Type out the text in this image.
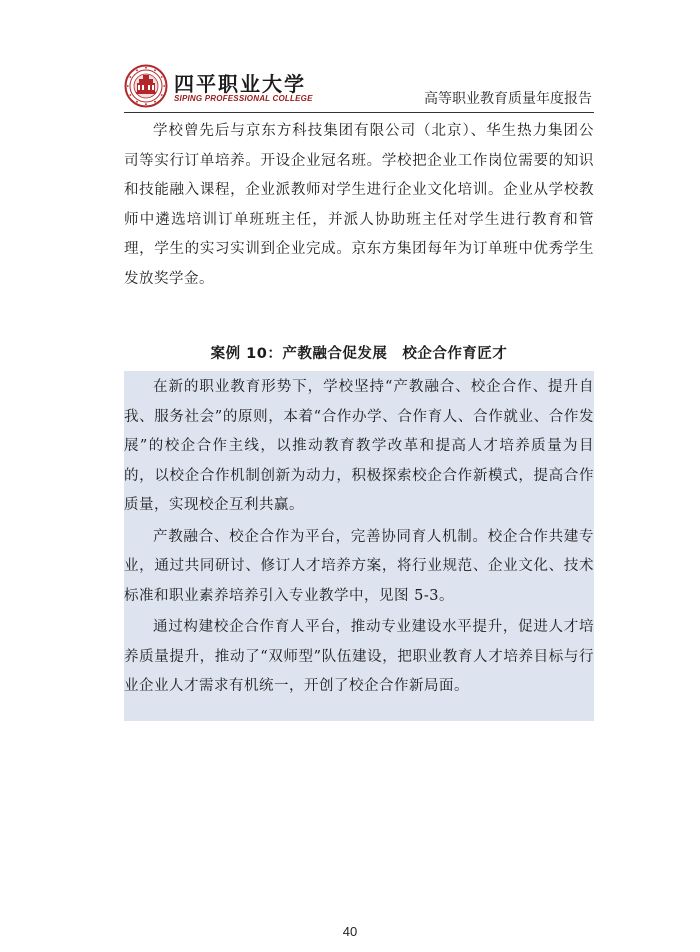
四平职业大学
SIPING PROFESSIONAL COLLEGE	高等职业教育质量年度报告

学校曾先后与京东方科技集团有限公司（北京）、华生热力集团公司等实行订单培养。开设企业冠名班。学校把企业工作岗位需要的知识和技能融入课程，企业派教师对学生进行企业文化培训。企业从学校教师中遴选培训订单班班主任，并派人协助班主任对学生进行教育和管理，学生的实习实训到企业完成。京东方集团每年为订单班中优秀学生发放奖学金。

案例 10：产教融合促发展　校企合作育匠才

在新的职业教育形势下，学校坚持“产教融合、校企合作、提升自我、服务社会”的原则，本着“合作办学、合作育人、合作就业、合作发展”的校企合作主线，以推动教育教学改革和提高人才培养质量为目的，以校企合作机制创新为动力，积极探索校企合作新模式，提高合作质量，实现校企互利共赢。

产教融合、校企合作为平台，完善协同育人机制。校企合作共建专业，通过共同研讨、修订人才培养方案，将行业规范、企业文化、技术标准和职业素养培养引入专业教学中，见图 5-3。

通过构建校企合作育人平台，推动专业建设水平提升，促进人才培养质量提升，推动了“双师型”队伍建设，把职业教育人才培养目标与行业企业人才需求有机统一，开创了校企合作新局面。

40
